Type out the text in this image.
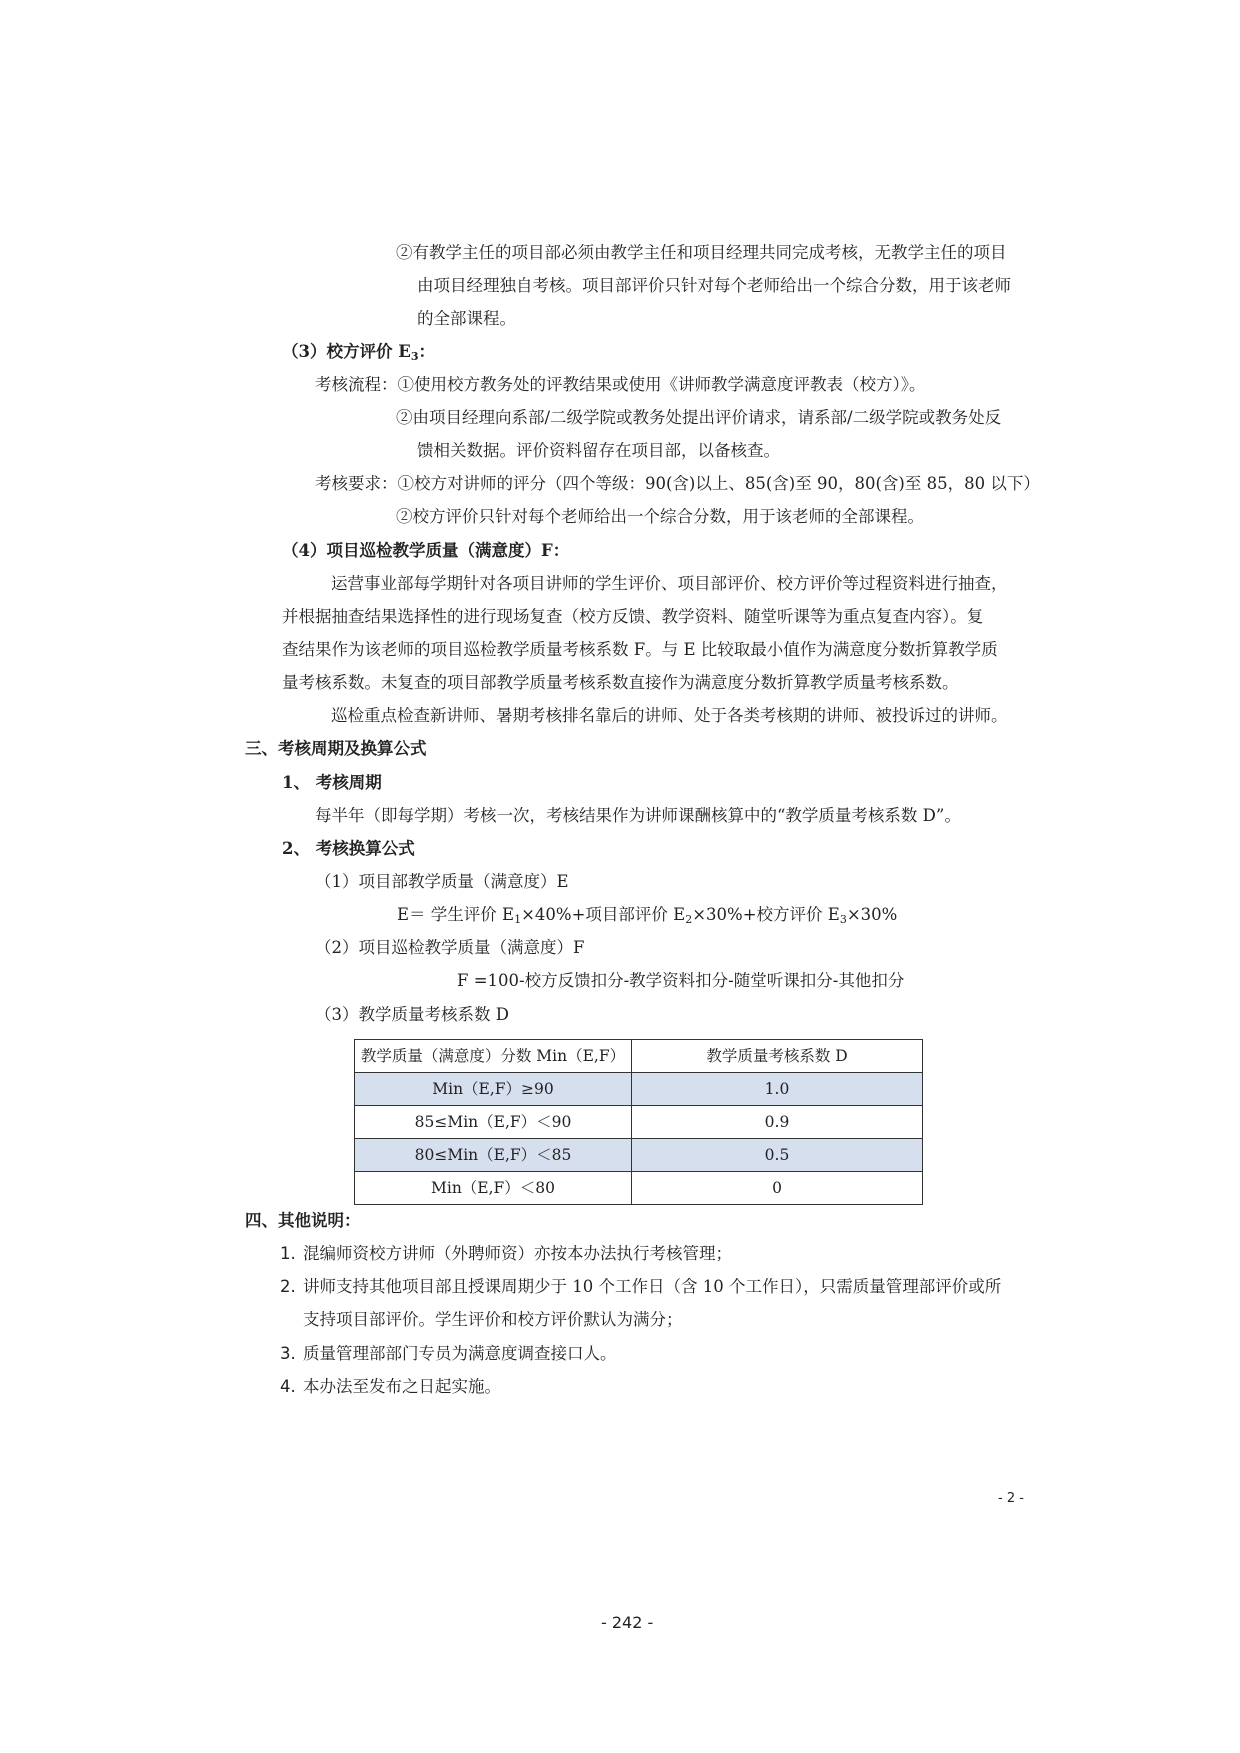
②有教学主任的项目部必须由教学主任和项目经理共同完成考核，无教学主任的项目
由项目经理独自考核。项目部评价只针对每个老师给出一个综合分数，用于该老师
的全部课程。
（3）校方评价 $E_3$：
考核流程：①使用校方教务处的评教结果或使用《讲师教学满意度评教表（校方）》。
②由项目经理向系部/二级学院或教务处提出评价请求，请系部/二级学院或教务处反
馈相关数据。评价资料留存在项目部，以备核查。
考核要求：①校方对讲师的评分（四个等级：90(含)以上、85(含)至 90，80(含)至 85，80 以下）
②校方评价只针对每个老师给出一个综合分数，用于该老师的全部课程。
（4）项目巡检教学质量（满意度）F：
运营事业部每学期针对各项目讲师的学生评价、项目部评价、校方评价等过程资料进行抽查，
并根据抽查结果选择性的进行现场复查（校方反馈、教学资料、随堂听课等为重点复查内容）。复
查结果作为该老师的项目巡检教学质量考核系数 F。与 E 比较取最小值作为满意度分数折算教学质
量考核系数。未复查的项目部教学质量考核系数直接作为满意度分数折算教学质量考核系数。
巡检重点检查新讲师、暑期考核排名靠后的讲师、处于各类考核期的讲师、被投诉过的讲师。
三、考核周期及换算公式
1、 考核周期
每半年（即每学期）考核一次，考核结果作为讲师课酬核算中的“教学质量考核系数 D”。
2、 考核换算公式
（1）项目部教学质量（满意度）E
E＝ 学生评价 $E_1\times 40\%+$项目部评价 $E_2\times 30\%+$校方评价 $E_3\times 30\%$
（2）项目巡检教学质量（满意度）F
F =100-校方反馈扣分-教学资料扣分-随堂听课扣分-其他扣分
（3）教学质量考核系数 D
教学质量（满意度）分数 Min（E,F）	教学质量考核系数 D
Min（E,F）≥90	1.0
85≤Min（E,F）＜90	0.9
80≤Min（E,F）＜85	0.5
Min（E,F）＜80	0
四、其他说明：
1. 混编师资校方讲师（外聘师资）亦按本办法执行考核管理；
2. 讲师支持其他项目部且授课周期少于 10 个工作日（含 10 个工作日），只需质量管理部评价或所
支持项目部评价。学生评价和校方评价默认为满分；
3. 质量管理部部门专员为满意度调查接口人。
4. 本办法至发布之日起实施。
- 2 -
- 242 -
